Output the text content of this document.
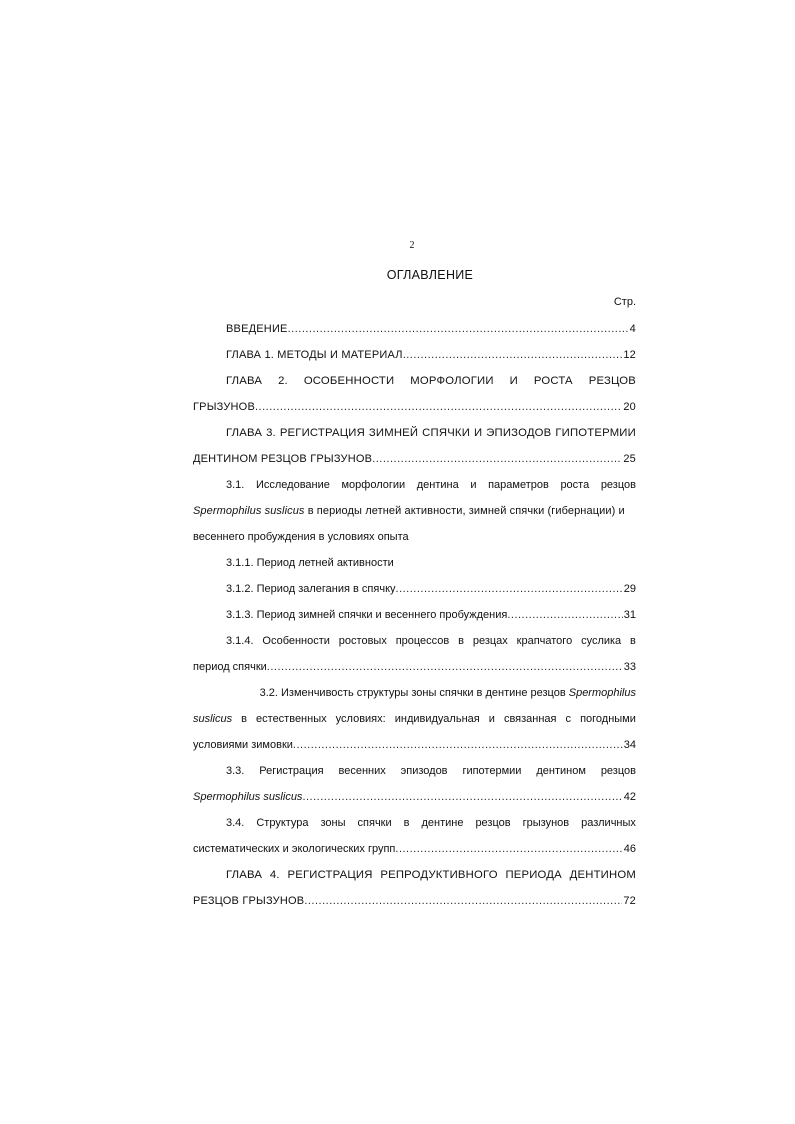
2
ОГЛАВЛЕНИЕ
Стр.
ВВЕДЕНИЕ .....	4
ГЛАВА 1. МЕТОДЫ И МАТЕРИАЛ .....	12
ГЛАВА 2. ОСОБЕННОСТИ МОРФОЛОГИИ И РОСТА РЕЗЦОВ
ГРЫЗУНОВ .....	20
ГЛАВА 3. РЕГИСТРАЦИЯ ЗИМНЕЙ СПЯЧКИ И ЭПИЗОДОВ ГИПОТЕРМИИ
ДЕНТИНОМ РЕЗЦОВ ГРЫЗУНОВ .....	25
3.1. Исследование морфологии дентина и параметров роста резцов
Spermophilus suslicus в периоды летней активности, зимней спячки (гибернации) и
весеннего пробуждения в условиях опыта
3.1.1. Период летней активности
3.1.2. Период залегания в спячку .....	29
3.1.3. Период зимней спячки и весеннего пробуждения .....	31
3.1.4. Особенности ростовых процессов в резцах крапчатого суслика в
период спячки .....	33
3.2. Изменчивость структуры зоны спячки в дентине резцов Spermophilus
suslicus в естественных условиях: индивидуальная и связанная с погодными
условиями зимовки .....	34
3.3. Регистрация весенних эпизодов гипотермии дентином резцов
Spermophilus suslicus .....	42
3.4. Структура зоны спячки в дентине резцов грызунов различных
систематических и экологических групп .....	46
ГЛАВА 4. РЕГИСТРАЦИЯ РЕПРОДУКТИВНОГО ПЕРИОДА ДЕНТИНОМ
РЕЗЦОВ ГРЫЗУНОВ .....	72
